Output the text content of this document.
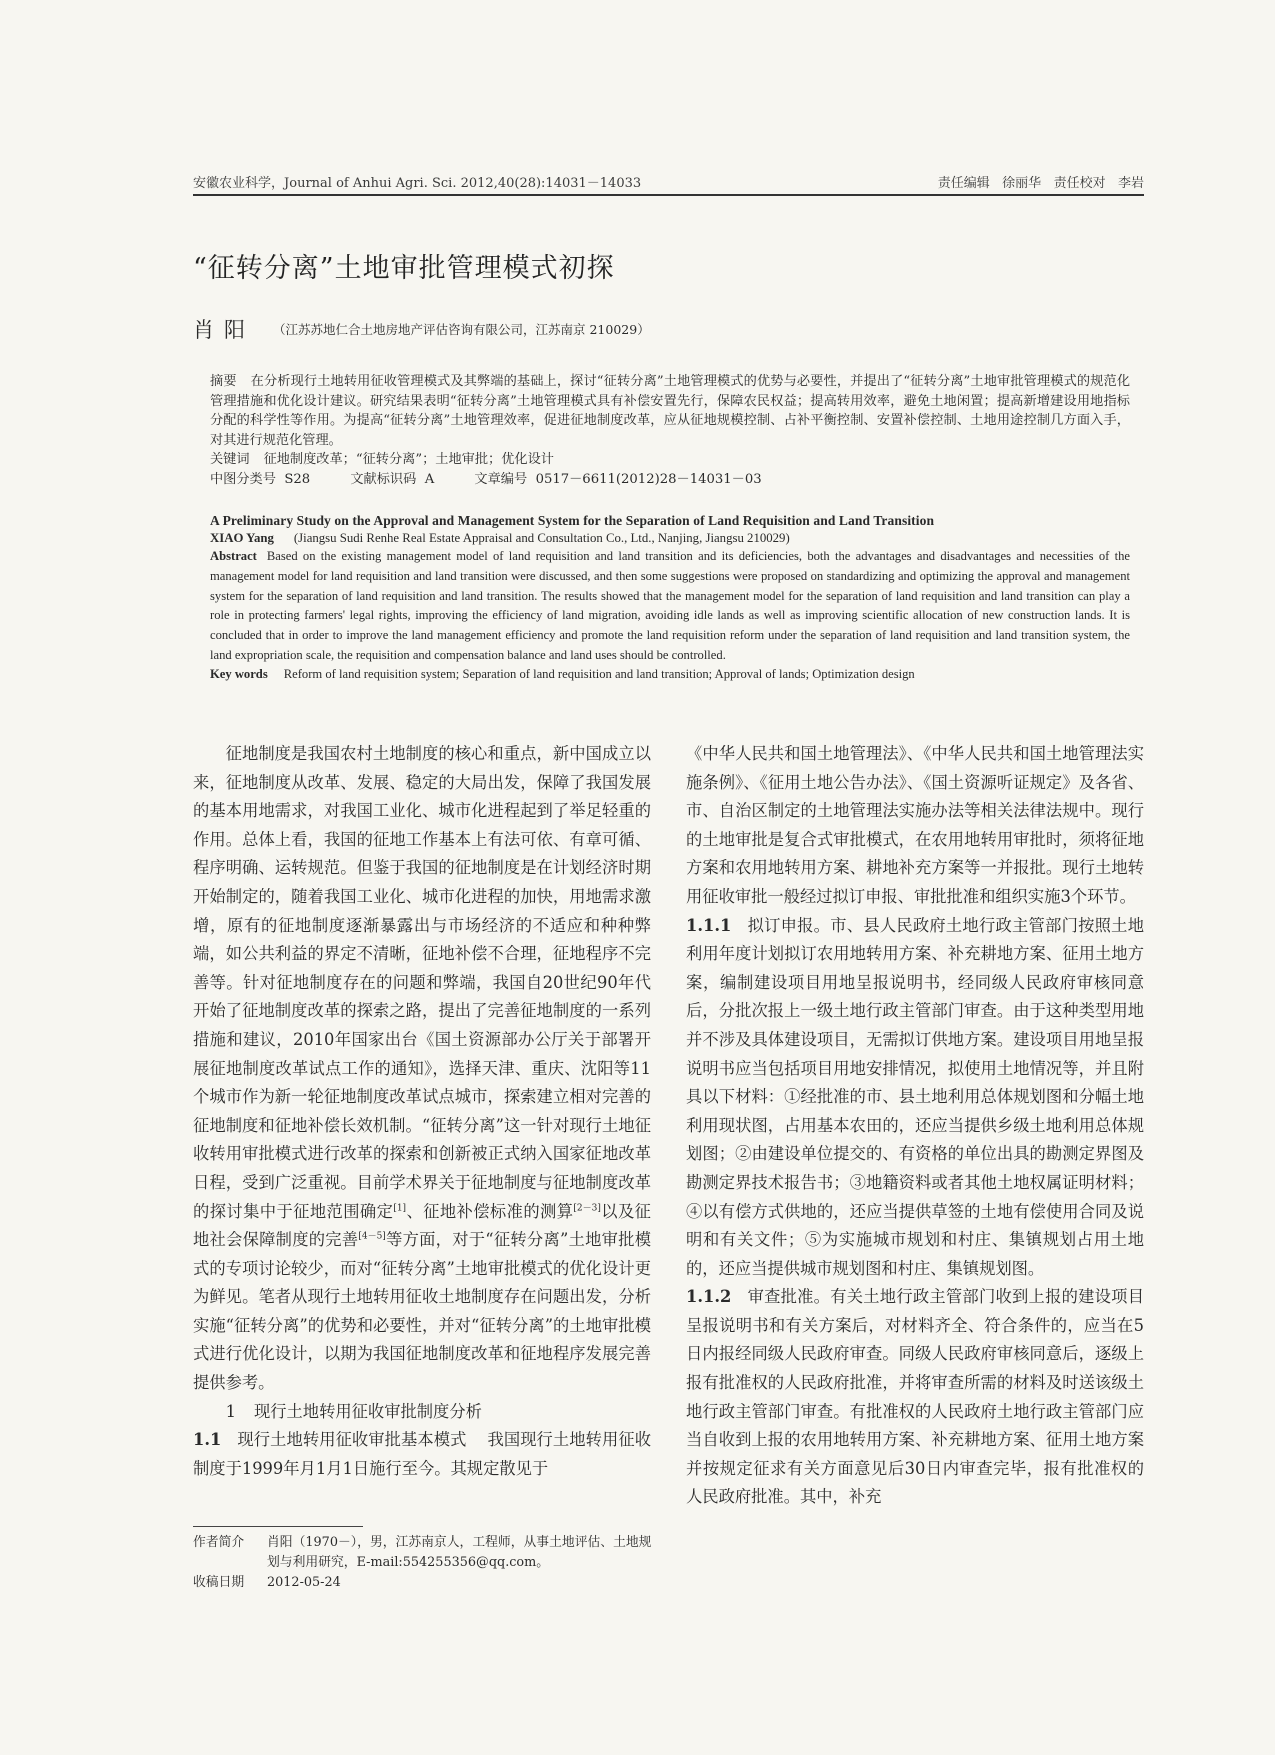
安徽农业科学，Journal of Anhui Agri. Sci. 2012,40(28):14031－14033	责任编辑 徐丽华 责任校对 李岩
“征转分离”土地审批管理模式初探
肖阳 （江苏苏地仁合土地房地产评估咨询有限公司，江苏南京 210029）

摘要 在分析现行土地转用征收管理模式及其弊端的基础上，探讨“征转分离”土地管理模式的优势与必要性，并提出了“征转分离”土地审批管理模式的规范化管理措施和优化设计建议。研究结果表明“征转分离”土地管理模式具有补偿安置先行，保障农民权益；提高转用效率，避免土地闲置；提高新增建设用地指标分配的科学性等作用。为提高“征转分离”土地管理效率，促进征地制度改革，应从征地规模控制、占补平衡控制、安置补偿控制、土地用途控制几方面入手，对其进行规范化管理。

关键词 征地制度改革；“征转分离”；土地审批；优化设计

中图分类号 S28	文献标识码 A	文章编号 0517－6611(2012)28－14031－03

A Preliminary Study on the Approval and Management System for the Separation of Land Requisition and Land Transition

XIAO Yang (Jiangsu Sudi Renhe Real Estate Appraisal and Consultation Co., Ltd., Nanjing, Jiangsu 210029)

Abstract Based on the existing management model of land requisition and land transition and its deficiencies, both the advantages and disadvantages and necessities of the management model for land requisition and land transition were discussed, and then some suggestions were proposed on standardizing and optimizing the approval and management system for the separation of land requisition and land transition. The results showed that the management model for the separation of land requisition and land transition can play a role in protecting farmers' legal rights, improving the efficiency of land migration, avoiding idle lands as well as improving scientific allocation of new construction lands. It is concluded that in order to improve the land management efficiency and promote the land requisition reform under the separation of land requisition and land transition system, the land expropriation scale, the requisition and compensation balance and land uses should be controlled.

Key words Reform of land requisition system; Separation of land requisition and land transition; Approval of lands; Optimization design

征地制度是我国农村土地制度的核心和重点，新中国成立以来，征地制度从改革、发展、稳定的大局出发，保障了我国发展的基本用地需求，对我国工业化、城市化进程起到了举足轻重的作用。总体上看，我国的征地工作基本上有法可依、有章可循、程序明确、运转规范。但鉴于我国的征地制度是在计划经济时期开始制定的，随着我国工业化、城市化进程的加快，用地需求激增，原有的征地制度逐渐暴露出与市场经济的不适应和种种弊端，如公共利益的界定不清晰，征地补偿不合理，征地程序不完善等。针对征地制度存在的问题和弊端，我国自20世纪90年代开始了征地制度改革的探索之路，提出了完善征地制度的一系列措施和建议，2010年国家出台《国土资源部办公厅关于部署开展征地制度改革试点工作的通知》，选择天津、重庆、沈阳等11个城市作为新一轮征地制度改革试点城市，探索建立相对完善的征地制度和征地补偿长效机制。“征转分离”这一针对现行土地征收转用审批模式进行改革的探索和创新被正式纳入国家征地改革日程，受到广泛重视。目前学术界关于征地制度与征地制度改革的探讨集中于征地范围确定[1]、征地补偿标准的测算[2－3]以及征地社会保障制度的完善[4－5]等方面，对于“征转分离”土地审批模式的专项讨论较少，而对“征转分离”土地审批模式的优化设计更为鲜见。笔者从现行土地转用征收土地制度存在问题出发，分析实施“征转分离”的优势和必要性，并对“征转分离”的土地审批模式进行优化设计，以期为我国征地制度改革和征地程序发展完善提供参考。

1 现行土地转用征收审批制度分析

1.1 现行土地转用征收审批基本模式 我国现行土地转用征收制度于1999年月1月1日施行至今。其规定散见于

《中华人民共和国土地管理法》、《中华人民共和国土地管理法实施条例》、《征用土地公告办法》、《国土资源听证规定》及各省、市、自治区制定的土地管理法实施办法等相关法律法规中。现行的土地审批是复合式审批模式，在农用地转用审批时，须将征地方案和农用地转用方案、耕地补充方案等一并报批。现行土地转用征收审批一般经过拟订申报、审批批准和组织实施3个环节。

1.1.1 拟订申报。市、县人民政府土地行政主管部门按照土地利用年度计划拟订农用地转用方案、补充耕地方案、征用土地方案，编制建设项目用地呈报说明书，经同级人民政府审核同意后，分批次报上一级土地行政主管部门审查。由于这种类型用地并不涉及具体建设项目，无需拟订供地方案。建设项目用地呈报说明书应当包括项目用地安排情况，拟使用土地情况等，并且附具以下材料：①经批准的市、县土地利用总体规划图和分幅土地利用现状图，占用基本农田的，还应当提供乡级土地利用总体规划图；②由建设单位提交的、有资格的单位出具的勘测定界图及勘测定界技术报告书；③地籍资料或者其他土地权属证明材料；④以有偿方式供地的，还应当提供草签的土地有偿使用合同及说明和有关文件；⑤为实施城市规划和村庄、集镇规划占用土地的，还应当提供城市规划图和村庄、集镇规划图。

1.1.2 审查批准。有关土地行政主管部门收到上报的建设项目呈报说明书和有关方案后，对材料齐全、符合条件的，应当在5日内报经同级人民政府审查。同级人民政府审核同意后，逐级上报有批准权的人民政府批准，并将审查所需的材料及时送该级土地行政主管部门审查。有批准权的人民政府土地行政主管部门应当自收到上报的农用地转用方案、补充耕地方案、征用土地方案并按规定征求有关方面意见后30日内审查完毕，报有批准权的人民政府批准。其中，补充

作者简介	肖阳（1970－），男，江苏南京人，工程师，从事土地评估、土地规划与利用研究，E-mail:554255356@qq.com。
收稿日期	2012-05-24
